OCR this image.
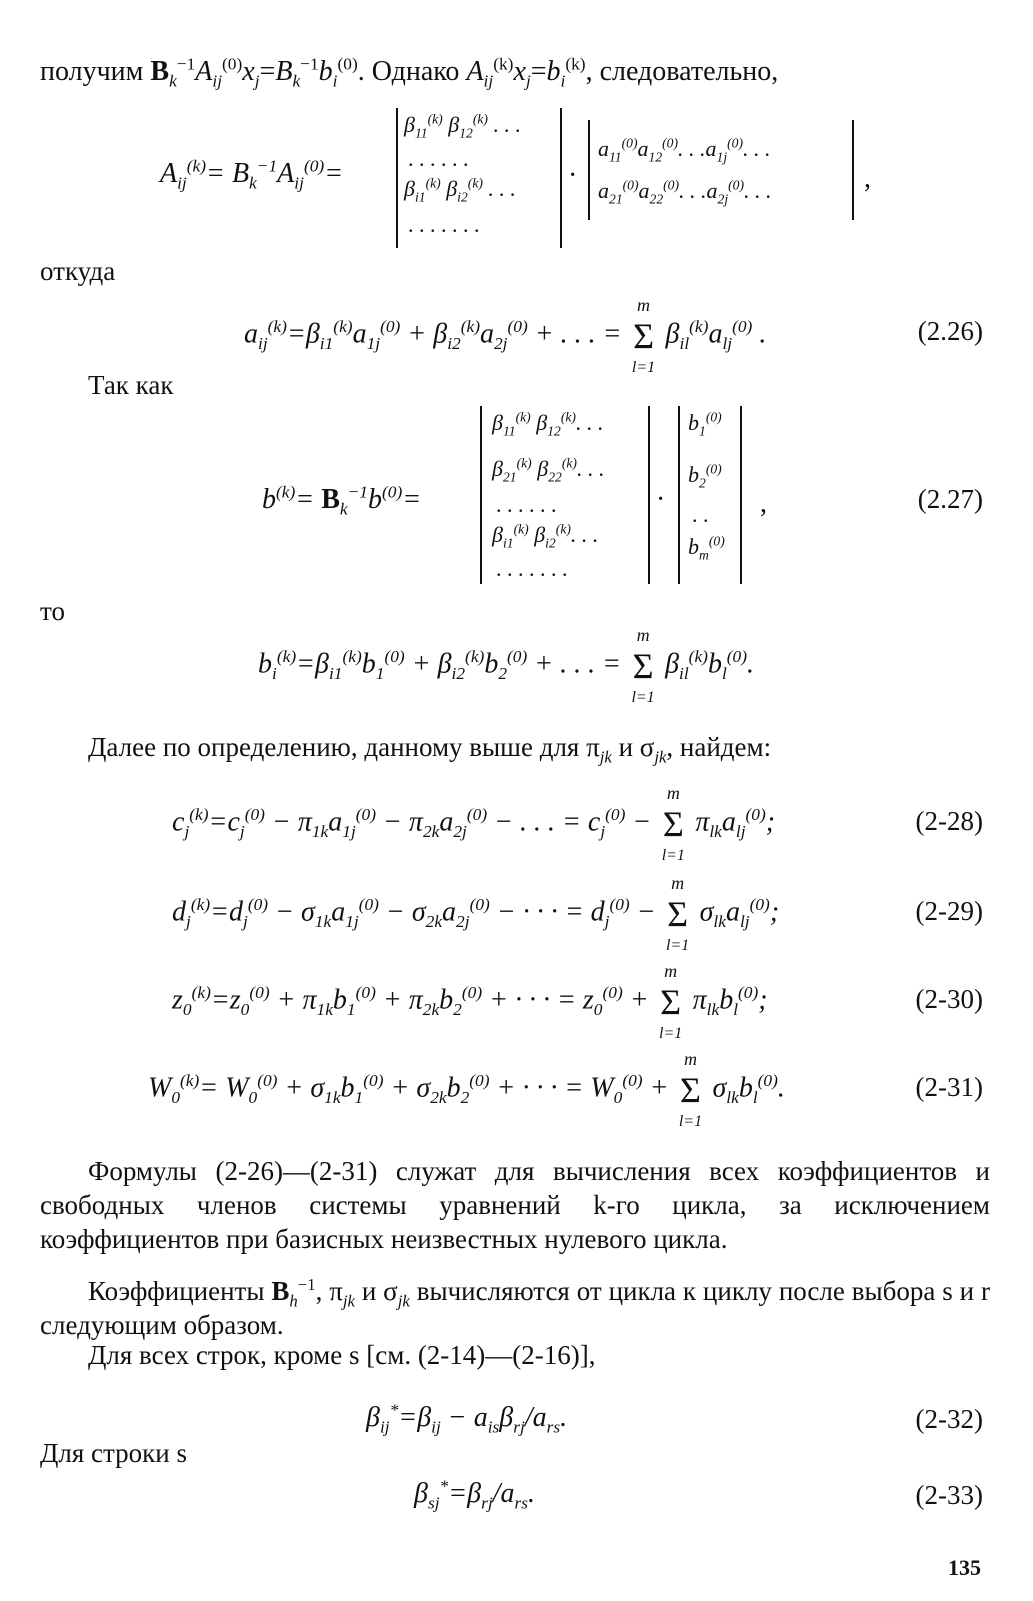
получим $B_k^{-1}A_{ij}^{(0)}x_j=B_k^{-1}b_i^{(0)}$. Однако $A_{ij}^{(k)}x_j=b_i^{(k)}$, следовательно,
$A_{ij}^{(k)}= B_k^{-1}A_{ij}^{(0)}=$
$\beta_{11}^{(k)}$ $\beta_{12}^{(k)}$ . . .
. . . . . .
$\beta_{i1}^{(k)}$ $\beta_{i2}^{(k)}$ . . .
. . . . . . .
·
$a_{11}^{(0)}a_{12}^{(0)}$. . $.a_{1j}^{(0)}$. . .
$a_{21}^{(0)}a_{22}^{(0)}$. . $.a_{2j}^{(0)}$. . .	,
откуда
$a_{ij}^{(k)}=\beta_{i1}^{(k)}a_{1j}^{(0)} + \beta_{i2}^{(k)}a_{2j}^{(0)}$ + . . . =
m
Σ
l=1
$\beta_{il}^{(k)}a_{lj}^{(0)}$ .	(2.26)
Так как
$b^{(k)}= B_k^{-1}b^{(0)}=$
$\beta_{11}^{(k)}$ $\beta_{12}^{(k)}$. . .
$\beta_{21}^{(k)}$ $\beta_{22}^{(k)}$. . .
. . . . . .
$\beta_{i1}^{(k)}$ $\beta_{i2}^{(k)}$. . .
. . . . . . .
·
$b_1^{(0)}$
$b_2^{(0)}$
. .
$b_m^{(0)}$
,	(2.27)
то
$b_i^{(k)}=\beta_{i1}^{(k)}b_1^{(0)} + \beta_{i2}^{(k)}b_2^{(0)}$ + . . . =
m
Σ
l=1
$\beta_{il}^{(k)}b_l^{(0)}$.
Далее по определению, данному выше для $\pi_{jk}$ и $\sigma_{jk}$, найдем:
$c_j^{(k)}=c_j^{(0)} - \pi_{1k}a_{1j}^{(0)} - \pi_{2k}a_{2j}^{(0)}$ − . . . = $c_j^{(0)}$ −
m
Σ
l=1
$\pi_{lk}a_{lj}^{(0)}$;	(2-28)
$d_j^{(k)}=d_j^{(0)} - \sigma_{1k}a_{1j}^{(0)} - \sigma_{2k}a_{2j}^{(0)}$ − · · · = $d_j^{(0)}$ −
m
Σ
l=1
$\sigma_{lk}a_{lj}^{(0)}$;	(2-29)
$z_0^{(k)}=z_0^{(0)} + \pi_{1k}b_1^{(0)} + \pi_{2k}b_2^{(0)}$ + · · · = $z_0^{(0)}$ +
m
Σ
l=1
$\pi_{lk}b_l^{(0)}$;	(2-30)
$W_0^{(k)}= W_0^{(0)} + \sigma_{1k}b_1^{(0)} + \sigma_{2k}b_2^{(0)}$ + · · · = $W_0^{(0)}$ +
m
Σ
l=1
$\sigma_{lk}b_l^{(0)}$.	(2-31)
Формулы (2-26)—(2-31) служат для вычисления всех коэффициентов и свободных членов системы уравнений k-го цикла, за исключением коэффициентов при базисных неизвестных нулевого цикла.
Коэффициенты $B_h^{-1}$, $\pi_{jk}$ и $\sigma_{jk}$ вычисляются от цикла к циклу после выбора s и r следующим образом.
Для всех строк, кроме s [см. (2-14)—(2-16)],
$\beta_{ij}^*=\beta_{ij} - a_{is}\beta_{rj}/a_{rs}$.	(2-32)
Для строки s
$\beta_{sj}^*=\beta_{rj}/a_{rs}$.	(2-33)
135
